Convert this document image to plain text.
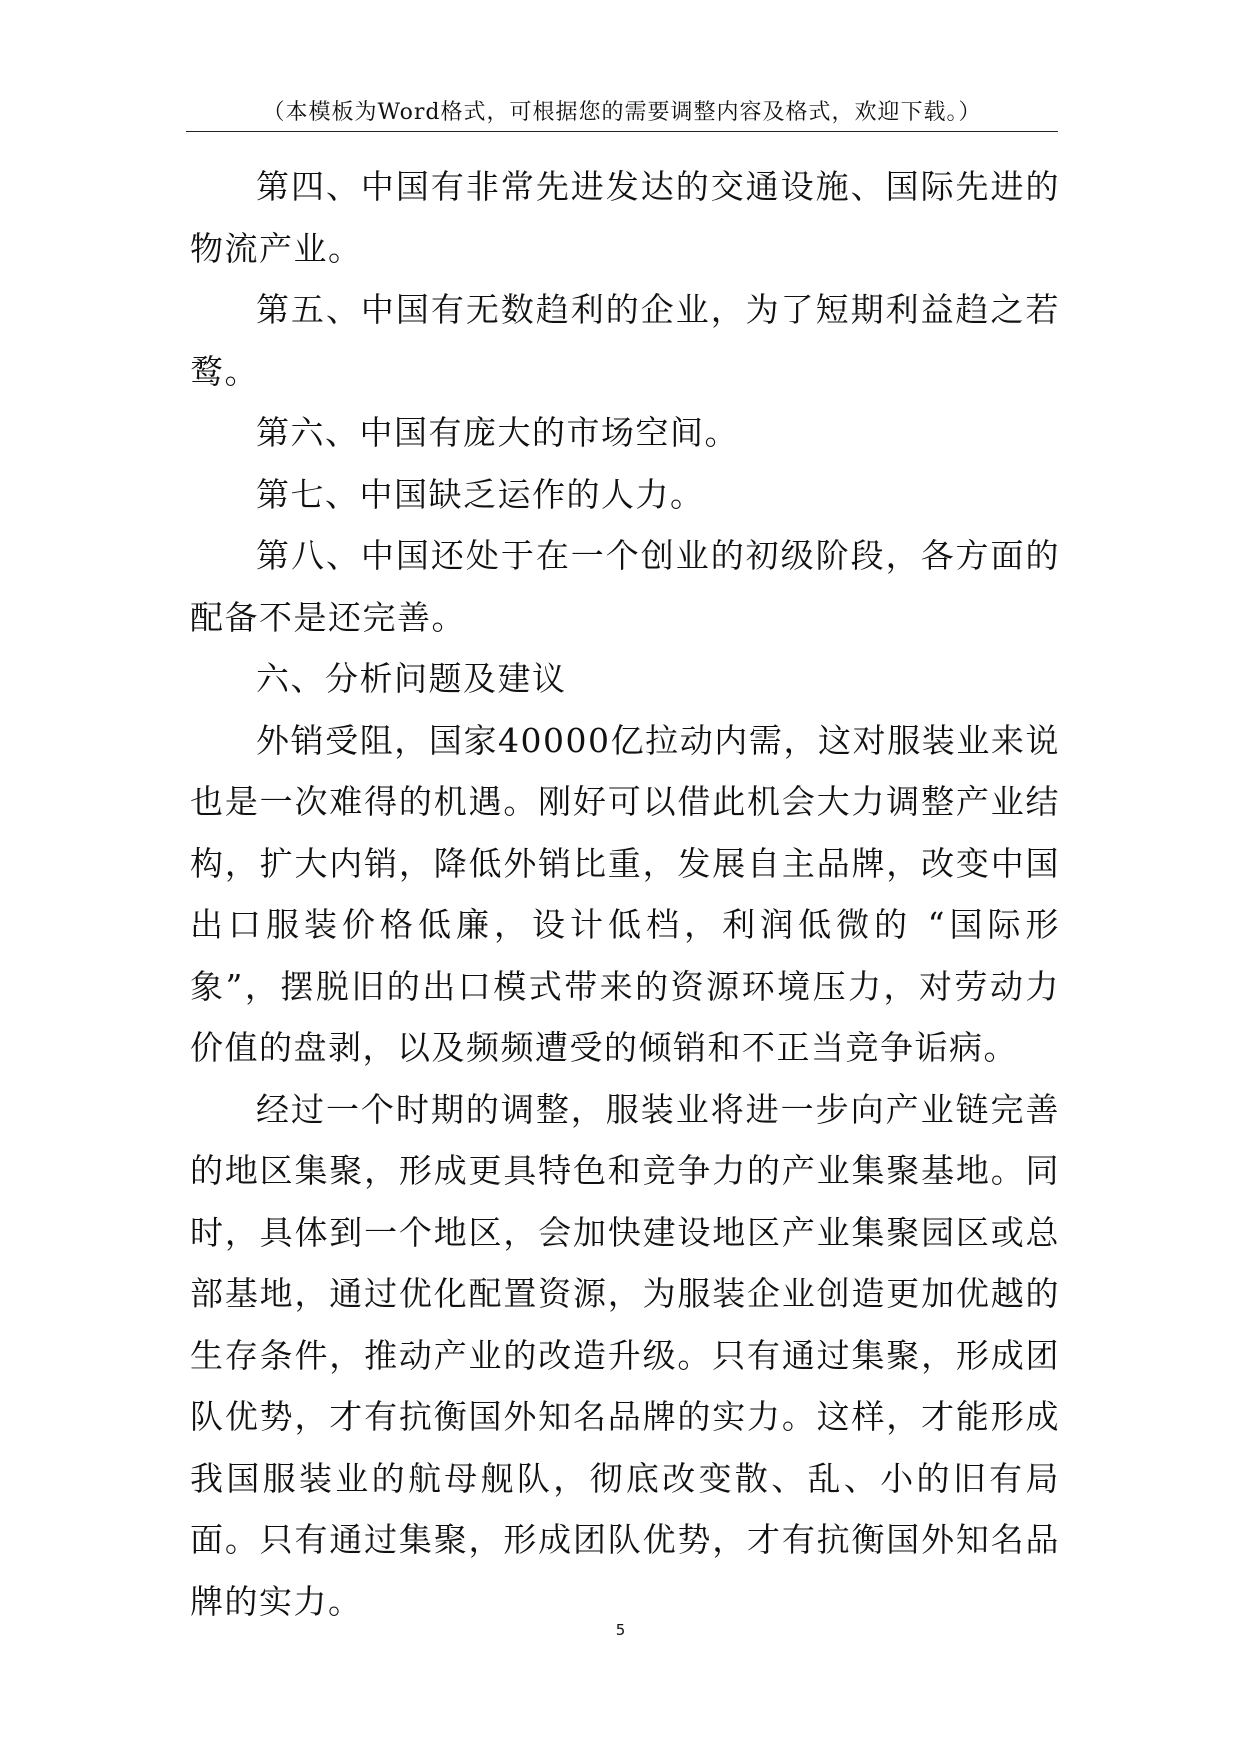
（本模板为Word格式，可根据您的需要调整内容及格式，欢迎下载。）

第四、中国有非常先进发达的交通设施、国际先进的物流产业。

第五、中国有无数趋利的企业，为了短期利益趋之若鹜。

第六、中国有庞大的市场空间。

第七、中国缺乏运作的人力。

第八、中国还处于在一个创业的初级阶段，各方面的配备不是还完善。

六、分析问题及建议

外销受阻，国家40000亿拉动内需，这对服装业来说也是一次难得的机遇。刚好可以借此机会大力调整产业结构，扩大内销，降低外销比重，发展自主品牌，改变中国出口服装价格低廉，设计低档，利润低微的 “国际形象”，摆脱旧的出口模式带来的资源环境压力，对劳动力价值的盘剥，以及频频遭受的倾销和不正当竞争诟病。

经过一个时期的调整，服装业将进一步向产业链完善的地区集聚，形成更具特色和竞争力的产业集聚基地。同时，具体到一个地区，会加快建设地区产业集聚园区或总部基地，通过优化配置资源，为服装企业创造更加优越的生存条件，推动产业的改造升级。只有通过集聚，形成团队优势，才有抗衡国外知名品牌的实力。这样，才能形成我国服装业的航母舰队，彻底改变散、乱、小的旧有局面。只有通过集聚，形成团队优势，才有抗衡国外知名品牌的实力。

5
